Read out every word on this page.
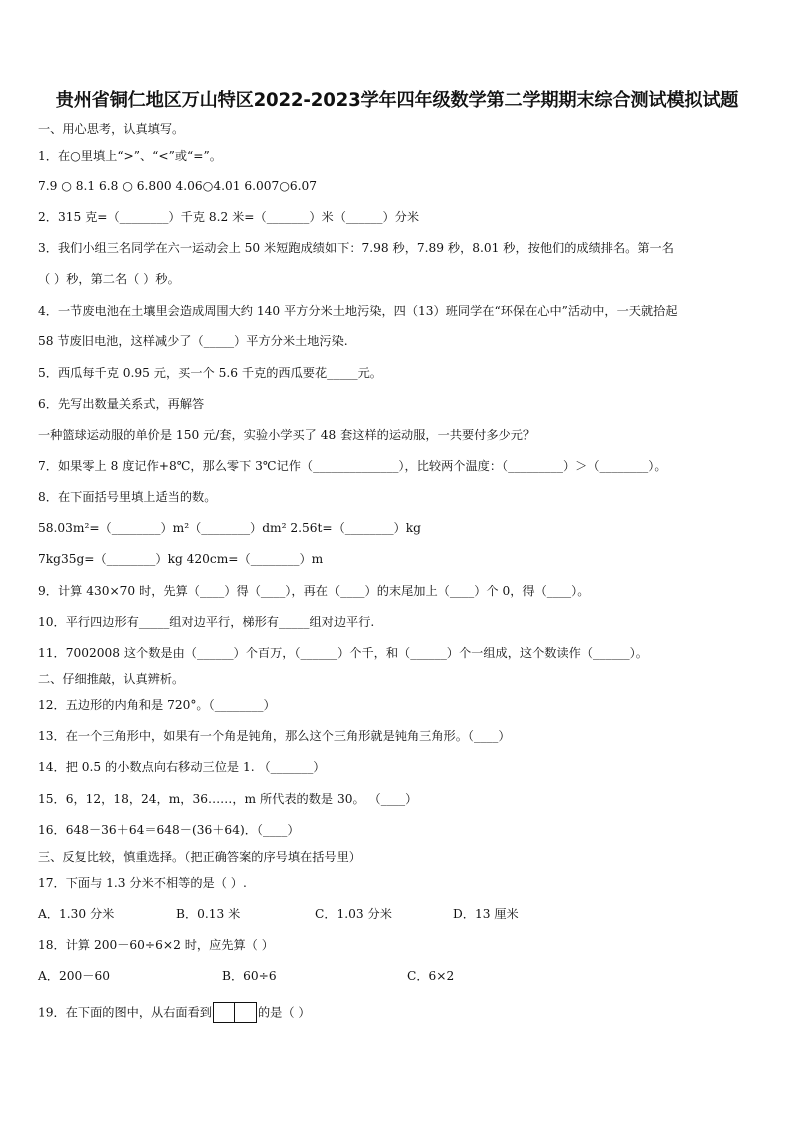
贵州省铜仁地区万山特区2022-2023学年四年级数学第二学期期末综合测试模拟试题
一、用心思考，认真填写。
1．在○里填上“>”、“<”或“=”。
7.9 ○ 8.1 6.8 ○ 6.800 4.06○4.01 6.007○6.07
2．315 克=（________）千克 8.2 米=（_______）米（______）分米
3．我们小组三名同学在六一运动会上 50 米短跑成绩如下：7.98 秒，7.89 秒，8.01 秒，按他们的成绩排名。第一名
（ ）秒，第二名（ ）秒。
4．一节废电池在土壤里会造成周围大约 140 平方分米土地污染，四（13）班同学在“环保在心中”活动中，一天就拾起
58 节废旧电池，这样减少了（_____）平方分米土地污染.
5．西瓜每千克 0.95 元，买一个 5.6 千克的西瓜要花_____元。
6．先写出数量关系式，再解答
一种篮球运动服的单价是 150 元/套，实验小学买了 48 套这样的运动服，一共要付多少元？
7．如果零上 8 度记作+8℃，那么零下 3℃记作（______________），比较两个温度：（_________）＞（________）。
8．在下面括号里填上适当的数。
58.03m²=（________）m²（________）dm² 2.56t=（________）kg
7kg35g=（________）kg 420cm=（________）m
9．计算 430×70 时，先算（____）得（____），再在（____）的末尾加上（____）个 0，得（____）。
10．平行四边形有_____组对边平行，梯形有_____组对边平行.
11．7002008 这个数是由（______）个百万，（______）个千，和（______）个一组成，这个数读作（______）。
二、仔细推敲，认真辨析。
12．五边形的内角和是 720°。（________）
13．在一个三角形中，如果有一个角是钝角，那么这个三角形就是钝角三角形。（____）
14．把 0.5 的小数点向右移动三位是 1. （_______）
15．6，12，18，24，m，36……，m 所代表的数是 30。 （____）
16．648－36＋64＝648－(36＋64)．（____）
三、反复比较，慎重选择。（把正确答案的序号填在括号里）
17．下面与 1.3 分米不相等的是（ ）.
A．1.30 分米	B．0.13 米	C．1.03 分米	D．13 厘米
18．计算 200－60÷6×2 时，应先算（ ）
A．200－60	B．60÷6	C．6×2
19．在下面的图中，从右面看到	的是（ ）
